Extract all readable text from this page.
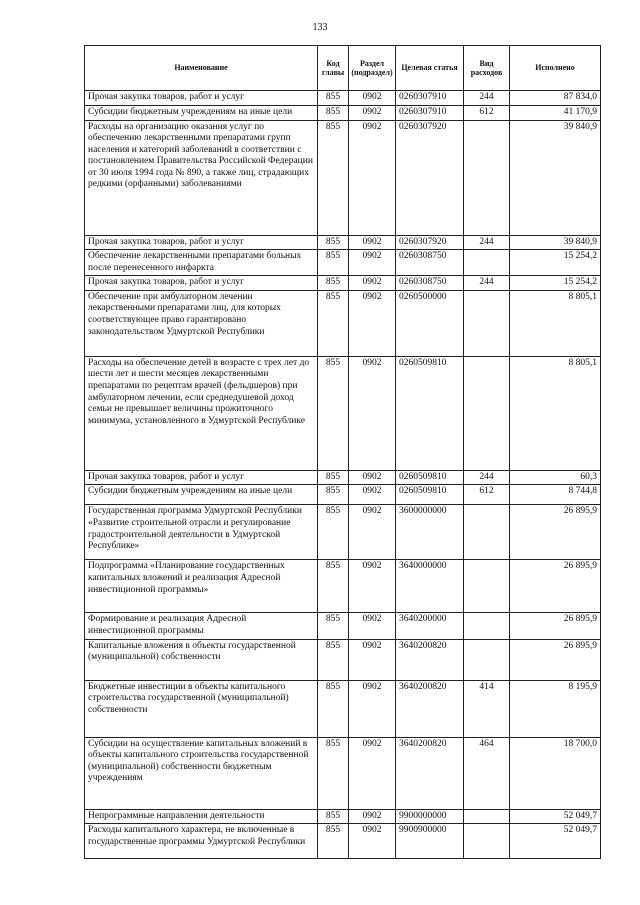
133
Наименование	Код главы	Раздел (подраздел)	Целевая статья	Вид расходов	Исполнено
Прочая закупка товаров, работ и услуг	855	0902	0260307910	244	87 834,0
Субсидии бюджетным учреждениям на иные цели	855	0902	0260307910	612	41 170,9
Расходы на организацию оказания услуг по обеспечению лекарственными препаратами групп населения и категорий заболеваний в соответствии с постановлением Правительства Российской Федерации от 30 июля 1994 года № 890, а также лиц, страдающих редкими (орфанными) заболеваниями	855	0902	0260307920		39 840,9
Прочая закупка товаров, работ и услуг	855	0902	0260307920	244	39 840,9
Обеспечение лекарственными препаратами больных после перенесенного инфаркта	855	0902	0260308750		15 254,2
Прочая закупка товаров, работ и услуг	855	0902	0260308750	244	15 254,2
Обеспечение при амбулаторном лечении лекарственными препаратами лиц, для которых соответствующее право гарантировано законодательством Удмуртской Республики	855	0902	0260500000		8 805,1
Расходы на обеспечение детей в возрасте с трех лет до шести лет и шести месяцев лекарственными препаратами по рецептам врачей (фельдшеров) при амбулаторном лечении, если среднедушевой доход семьи не превышает величины прожиточного минимума, установленного в Удмуртской Республике	855	0902	0260509810		8 805,1
Прочая закупка товаров, работ и услуг	855	0902	0260509810	244	60,3
Субсидии бюджетным учреждениям на иные цели	855	0902	0260509810	612	8 744,8
Государственная программа Удмуртской Республики «Развитие строительной отрасли и регулирование градостроительной деятельности в Удмуртской Республике»	855	0902	3600000000		26 895,9
Подпрограмма «Планирование государственных капитальных вложений и реализация Адресной инвестиционной программы»	855	0902	3640000000		26 895,9
Формирование и реализация Адресной инвестиционной программы	855	0902	3640200000		26 895,9
Капитальные вложения в объекты государственной (муниципальной) собственности	855	0902	3640200820		26 895,9
Бюджетные инвестиции в объекты капитального строительства государственной (муниципальной) собственности	855	0902	3640200820	414	8 195,9
Субсидии на осуществление капитальных вложений в объекты капитального строительства государственной (муниципальной) собственности бюджетным учреждениям	855	0902	3640200820	464	18 700,0
Непрограммные направления деятельности	855	0902	9900000000		52 049,7
Расходы капитального характера, не включенные в государственные программы Удмуртской Республики	855	0902	9900900000		52 049,7
